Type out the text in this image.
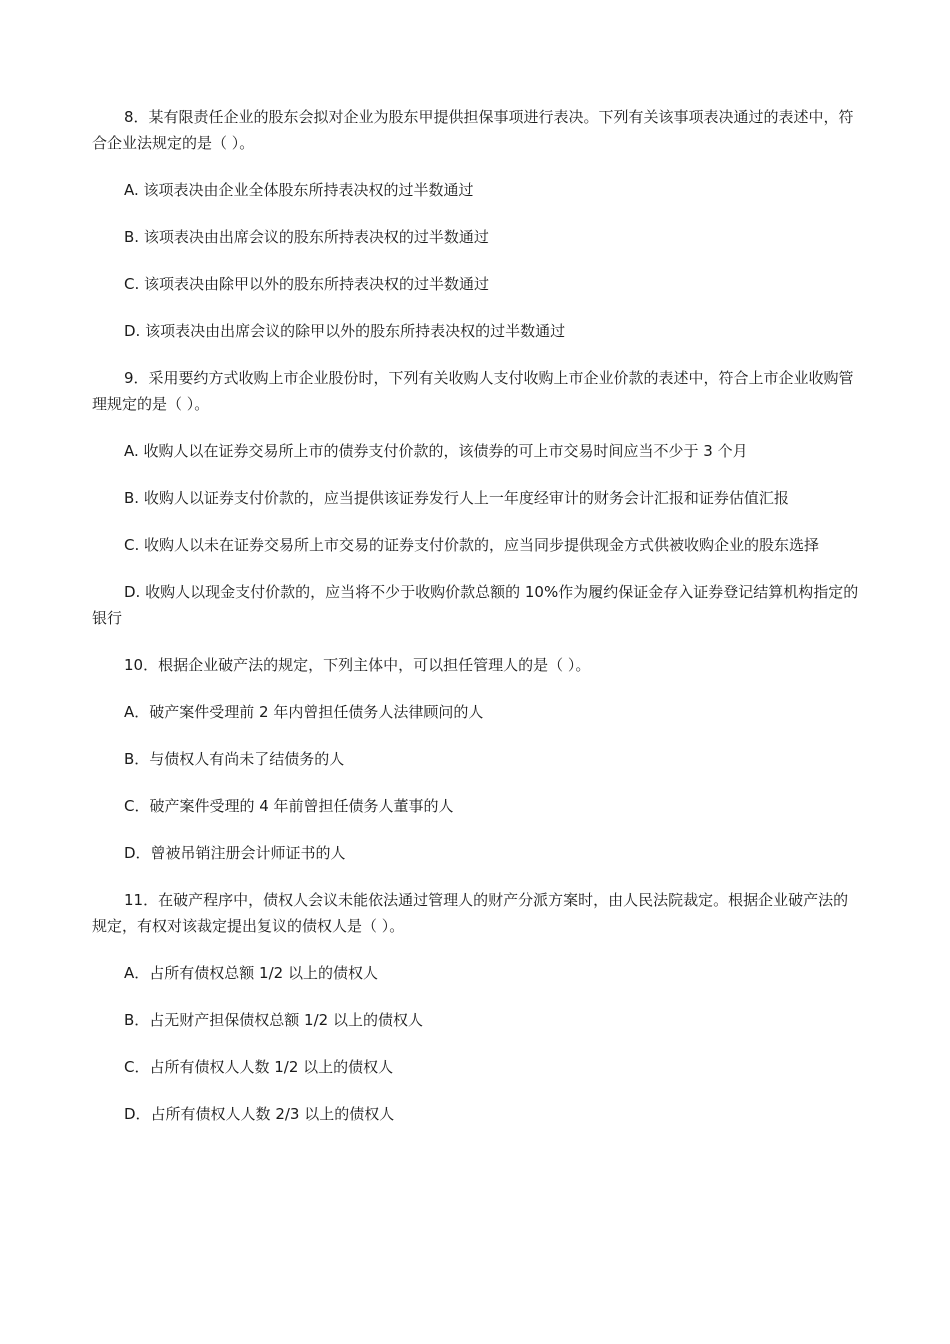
8．某有限责任企业的股东会拟对企业为股东甲提供担保事项进行表决。下列有关该事项表决通过的表述中，符合企业法规定的是（ ）。

A. 该项表决由企业全体股东所持表决权的过半数通过

B. 该项表决由出席会议的股东所持表决权的过半数通过

C. 该项表决由除甲以外的股东所持表决权的过半数通过

D. 该项表决由出席会议的除甲以外的股东所持表决权的过半数通过

9．采用要约方式收购上市企业股份时，下列有关收购人支付收购上市企业价款的表述中，符合上市企业收购管理规定的是（ ）。

A. 收购人以在证券交易所上市的债券支付价款的，该债券的可上市交易时间应当不少于 3 个月

B. 收购人以证券支付价款的，应当提供该证券发行人上一年度经审计的财务会计汇报和证券估值汇报

C. 收购人以未在证券交易所上市交易的证券支付价款的，应当同步提供现金方式供被收购企业的股东选择

D. 收购人以现金支付价款的，应当将不少于收购价款总额的 10%作为履约保证金存入证券登记结算机构指定的银行

10．根据企业破产法的规定，下列主体中，可以担任管理人的是（ ）。

A．破产案件受理前 2 年内曾担任债务人法律顾问的人

B．与债权人有尚未了结债务的人

C．破产案件受理的 4 年前曾担任债务人董事的人

D．曾被吊销注册会计师证书的人

11．在破产程序中，债权人会议未能依法通过管理人的财产分派方案时，由人民法院裁定。根据企业破产法的规定，有权对该裁定提出复议的债权人是（ ）。

A．占所有债权总额 1/2 以上的债权人

B．占无财产担保债权总额 1/2 以上的债权人

C．占所有债权人人数 1/2 以上的债权人

D．占所有债权人人数 2/3 以上的债权人
